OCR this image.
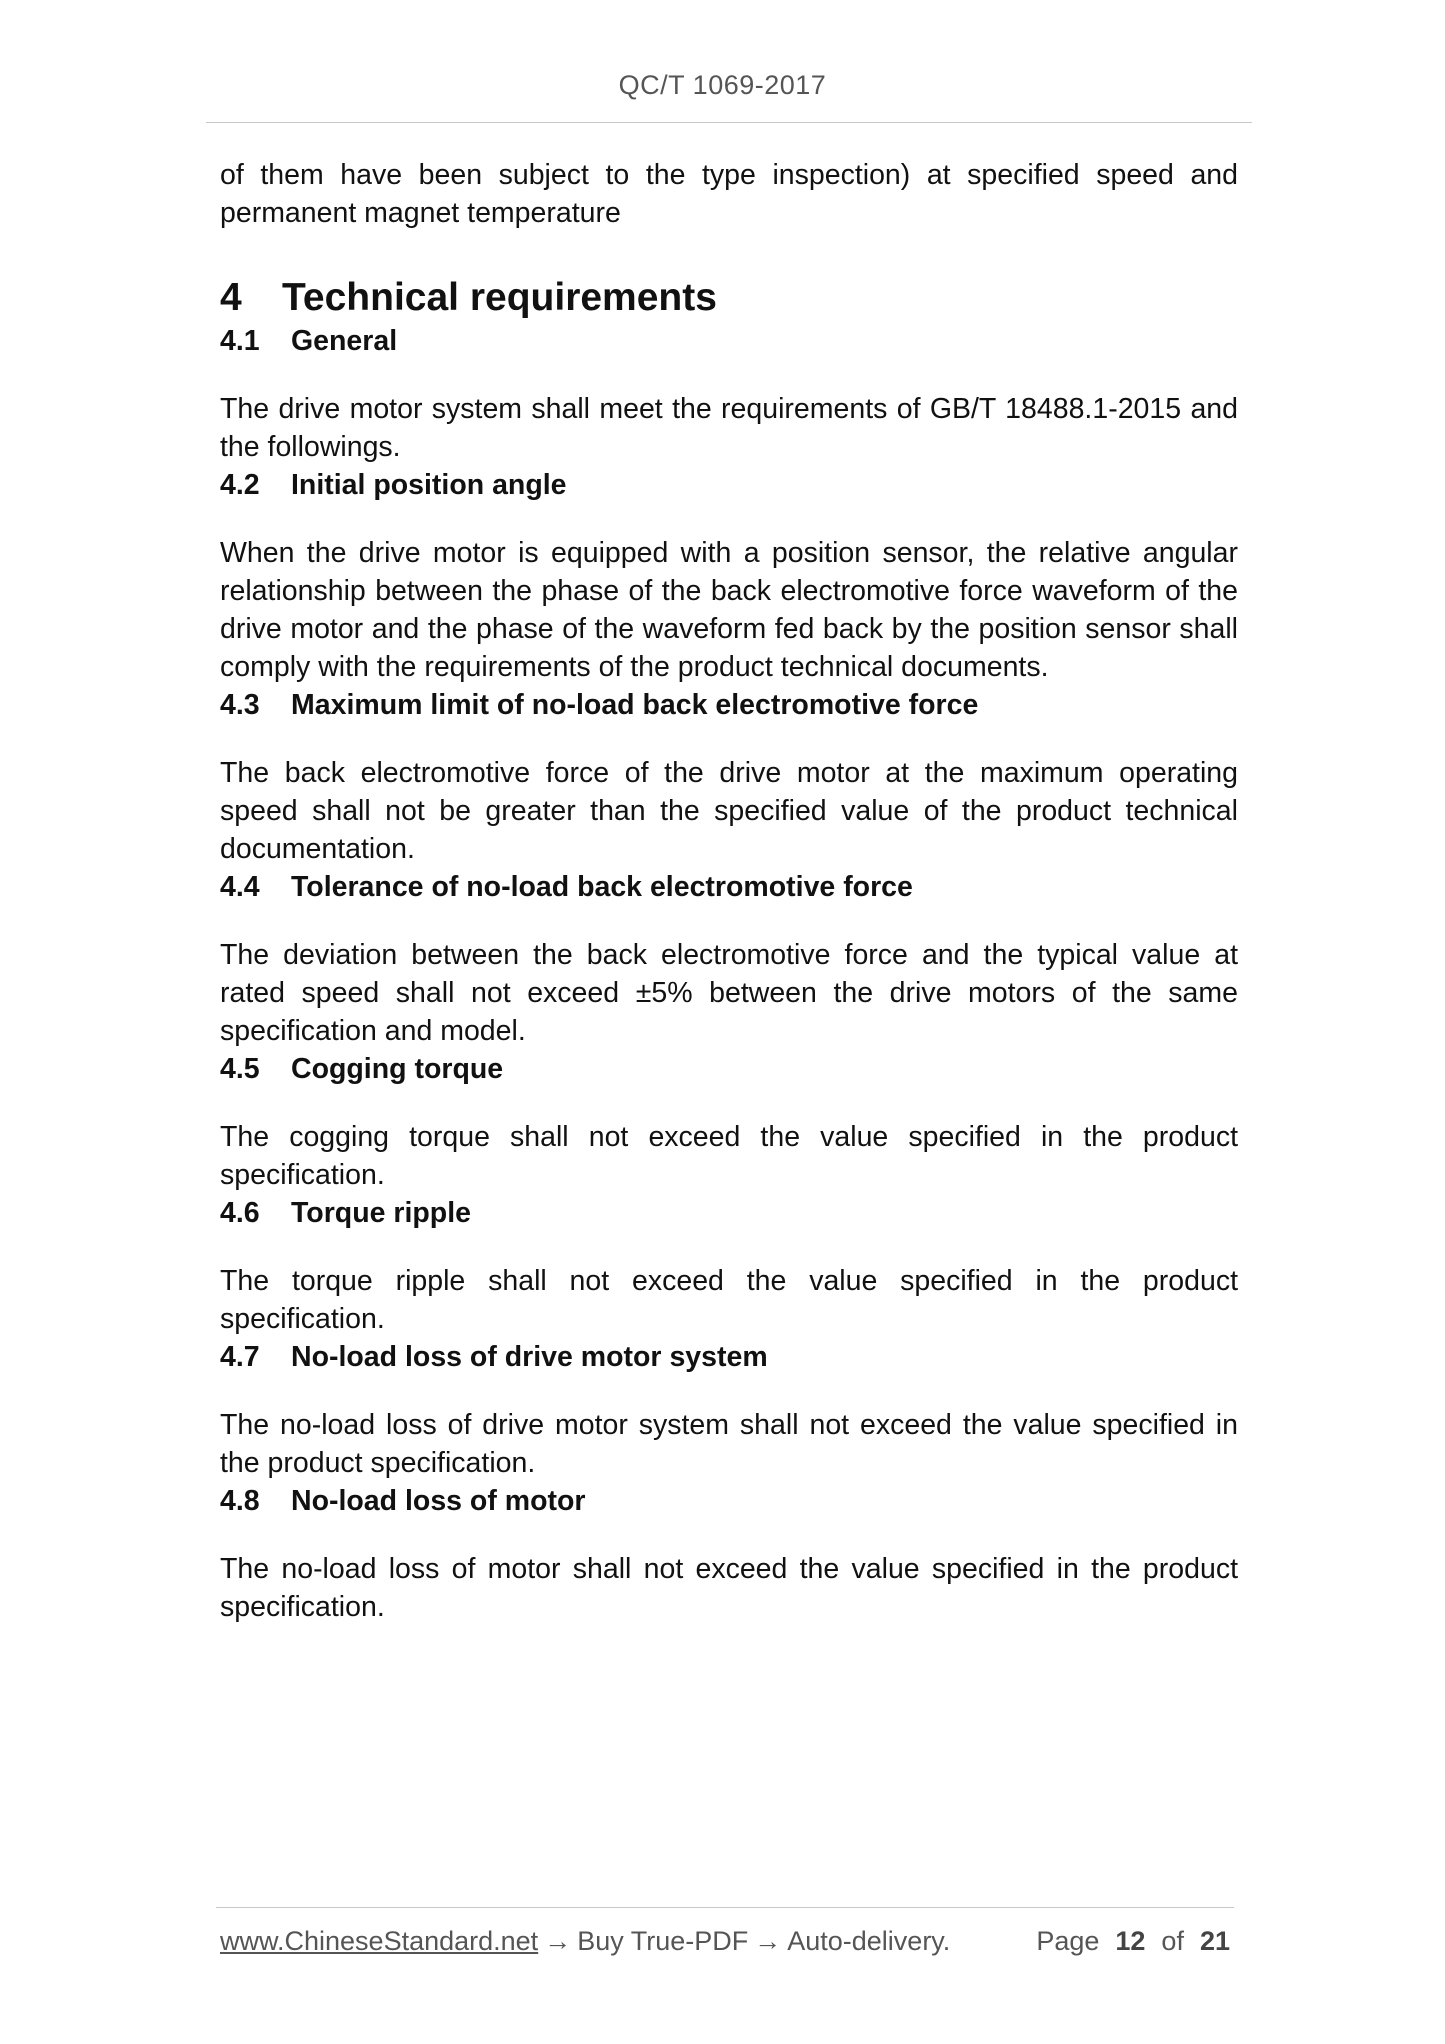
QC/T 1069-2017

of them have been subject to the type inspection) at specified speed and permanent magnet temperature

4	Technical requirements
4.1	General

The drive motor system shall meet the requirements of GB/T 18488.1-2015 and the followings.

4.2	Initial position angle

When the drive motor is equipped with a position sensor, the relative angular relationship between the phase of the back electromotive force waveform of the drive motor and the phase of the waveform fed back by the position sensor shall comply with the requirements of the product technical documents.

4.3	Maximum limit of no-load back electromotive force

The back electromotive force of the drive motor at the maximum operating speed shall not be greater than the specified value of the product technical documentation.

4.4	Tolerance of no-load back electromotive force

The deviation between the back electromotive force and the typical value at rated speed shall not exceed ±5% between the drive motors of the same specification and model.

4.5	Cogging torque

The cogging torque shall not exceed the value specified in the product specification.

4.6	Torque ripple

The torque ripple shall not exceed the value specified in the product specification.

4.7	No-load loss of drive motor system

The no-load loss of drive motor system shall not exceed the value specified in the product specification.

4.8	No-load loss of motor

The no-load loss of motor shall not exceed the value specified in the product specification.

www.ChineseStandard.net → Buy True-PDF → Auto-delivery.	Page 12 of 21
